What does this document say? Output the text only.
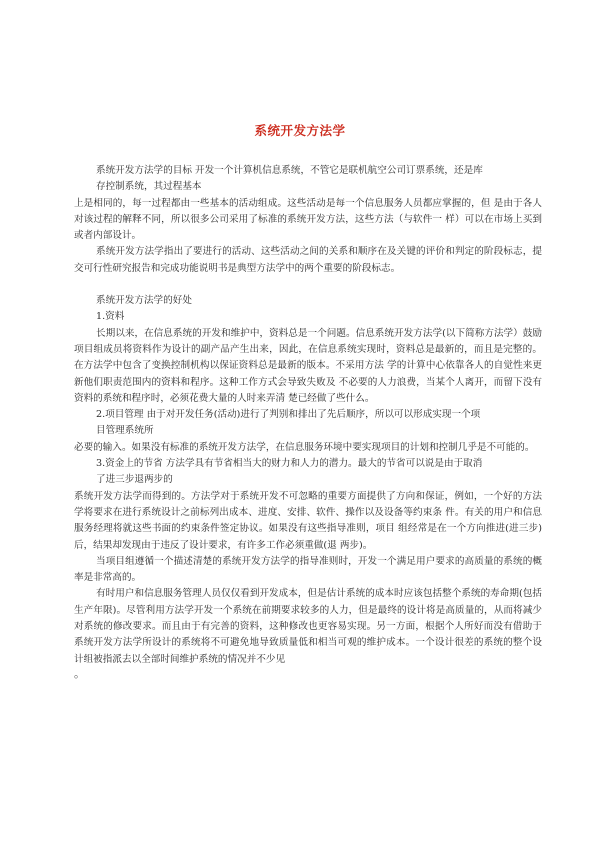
系统开发方法学

系统开发方法学的目标 开发一个计算机信息系统，不管它是联机航空公司订票系统，还是库

存控制系统，其过程基本

上是相同的，每一过程都由一些基本的活动组成。这些活动是每一个信息服务人员都应掌握的，但 是由于各人对该过程的解释不同，所以很多公司采用了标准的系统开发方法，这些方法（与软件一 样）可以在市场上买到或者内部设计。

系统开发方法学指出了要进行的活动、这些活动之间的关系和顺序在及关键的评价和判定的阶段标志，提交可行性研究报告和完成功能说明书是典型方法学中的两个重要的阶段标志。

系统开发方法学的好处

1.资料

长期以来，在信息系统的开发和维护中，资料总是一个问题。信息系统开发方法学(以下简称方法学）鼓励项目组成员将资料作为设计的副产品产生出来，因此，在信息系统实现时，资料总是最新的，而且是完整的。在方法学中包含了变换控制机构以保证资料总是最新的版本。不采用方法 学的计算中心依靠各人的自觉性来更新他们职责范围内的资料和程序。这种工作方式会导致失败及 不必要的人力浪费，当某个人离开，而留下没有资料的系统和程序时，必须花费大量的人时来弄清 楚已经做了些什么。

2.项目管理 由于对开发任务(活动)进行了判别和排出了先后顺序，所以可以形成实现一个项

目管理系统所

必要的输入。如果没有标准的系统开发方法学，在信息服务环境中要实现项目的计划和控制几乎是不可能的。

3.资金上的节省 方法学具有节省相当大的财力和人力的潜力。最大的节省可以说是由于取消

了进三步退两步的

系统开发方法学而得到的。方法学对于系统开发不可忽略的重要方面提供了方向和保证，例如，一个好的方法学将要求在进行系统设计之前标列出成本、进度、安排、软件、操作以及设备等约束条 件。有关的用户和信息服务经理将就这些书面的约束条件签定协议。如果没有这些指导准则，项目 组经常是在一个方向推进(进三步)后，结果却发现由于违反了设计要求，有许多工作必须重做(退 两步)。

当项目组遵循一个描述清楚的系统开发方法学的指导准则时，开发一个满足用户要求的高质量的系统的概率是非常高的。

有时用户和信息服务管理人员仅仅看到开发成本，但是估计系统的成本时应该包括整个系统的寿命期(包括生产年限)。尽管利用方法学开发一个系统在前期要求较多的人力，但是最终的设计将是高质量的，从而将减少对系统的修改要求。而且由于有完善的资料，这种修改也更容易实现。另一方面，根据个人所好而没有借助于系统开发方法学所设计的系统将不可避免地导致质量低和相当可观的维护成本。一个设计很差的系统的整个设计组被指派去以全部时间维护系统的情况并不少见

。
